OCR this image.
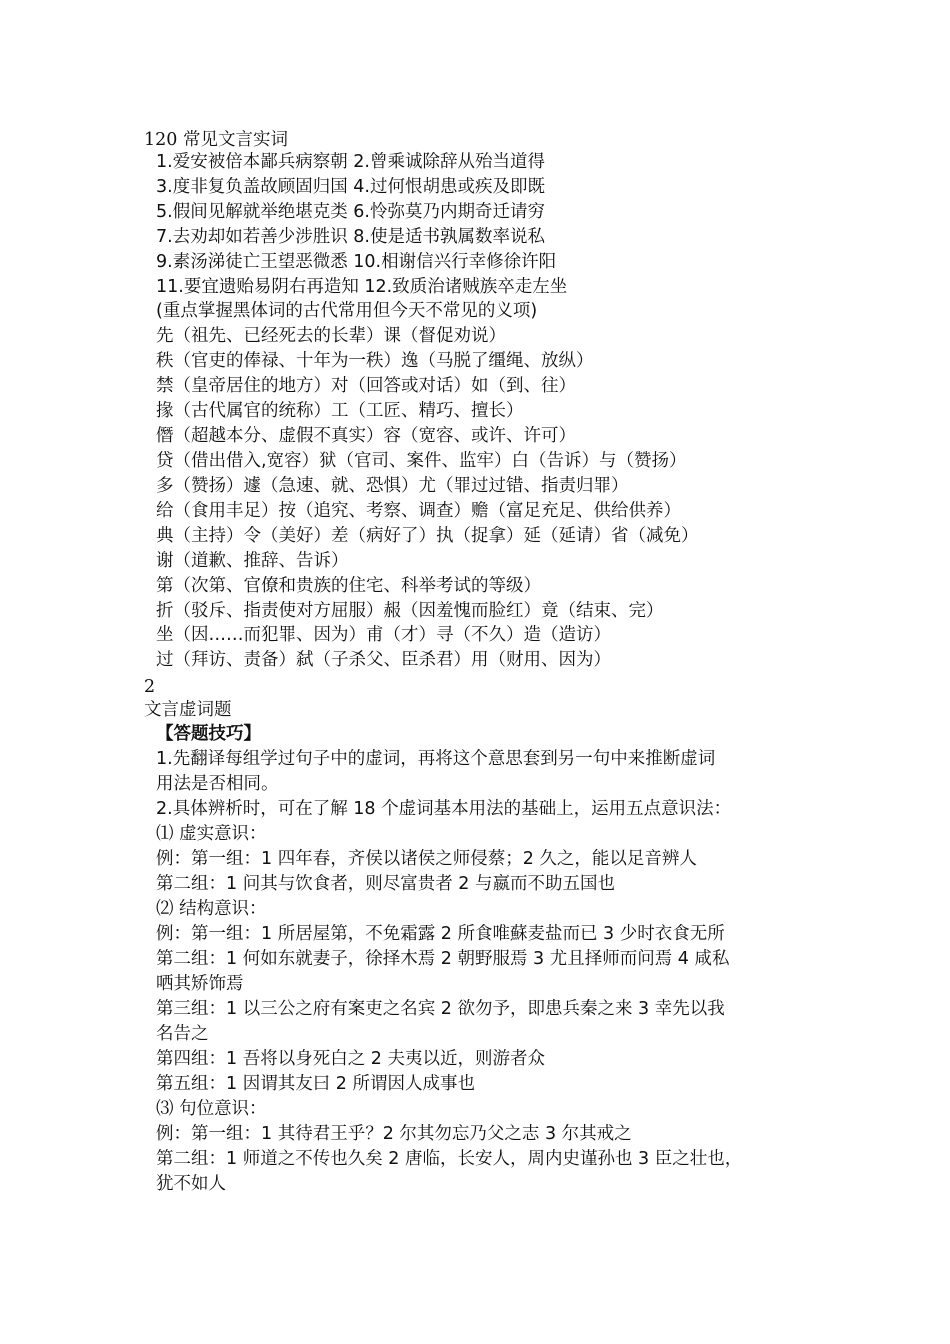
120 常见文言实词
1.爱安被倍本鄙兵病察朝 2.曾乘诚除辞从殆当道得
3.度非复负盖故顾固归国 4.过何恨胡患或疾及即既
5.假间见解就举绝堪克类 6.怜弥莫乃内期奇迁请穷
7.去劝却如若善少涉胜识 8.使是适书孰属数率说私
9.素汤涕徒亡王望恶微悉 10.相谢信兴行幸修徐许阳
11.要宜遗贻易阴右再造知 12.致质治诸贼族卒走左坐
(重点掌握黑体词的古代常用但今天不常见的义项)
先（祖先、已经死去的长辈）课（督促劝说）
秩（官吏的俸禄、十年为一秩）逸（马脱了缰绳、放纵）
禁（皇帝居住的地方）对（回答或对话）如（到、往）
掾（古代属官的统称）工（工匠、精巧、擅长）
僭（超越本分、虚假不真实）容（宽容、或许、许可）
贷（借出借入,宽容）狱（官司、案件、监牢）白（告诉）与（赞扬）
多（赞扬）遽（急速、就、恐惧）尤（罪过过错、指责归罪）
给（食用丰足）按（追究、考察、调查）赡（富足充足、供给供养）
典（主持）令（美好）差（病好了）执（捉拿）延（延请）省（减免）
谢（道歉、推辞、告诉）
第（次第、官僚和贵族的住宅、科举考试的等级）
折（驳斥、指责使对方屈服）赧（因羞愧而脸红）竟（结束、完）
坐（因……而犯罪、因为）甫（才）寻（不久）造（造访）
过（拜访、责备）弑（子杀父、臣杀君）用（财用、因为）
2
文言虚词题
【答题技巧】
1.先翻译每组学过句子中的虚词，再将这个意思套到另一句中来推断虚词
用法是否相同。
2.具体辨析时，可在了解 18 个虚词基本用法的基础上，运用五点意识法：
⑴ 虚实意识：
例：第一组：1 四年春，齐侯以诸侯之师侵蔡；2 久之，能以足音辨人
第二组：1 问其与饮食者，则尽富贵者 2 与嬴而不助五国也
⑵ 结构意识：
例：第一组：1 所居屋第，不免霜露 2 所食唯蘇麦盐而已 3 少时衣食无所
第二组：1 何如东就妻子，徐择木焉 2 朝野服焉 3 尤且择师而问焉 4 咸私
哂其矫饰焉
第三组：1 以三公之府有案吏之名宾 2 欲勿予，即患兵秦之来 3 幸先以我
名告之
第四组：1 吾将以身死白之 2 夫夷以近，则游者众
第五组：1 因谓其友曰 2 所谓因人成事也
⑶ 句位意识：
例：第一组：1 其待君王乎？2 尔其勿忘乃父之志 3 尔其戒之
第二组：1 师道之不传也久矣 2 唐临，长安人，周内史谨孙也 3 臣之壮也，
犹不如人
